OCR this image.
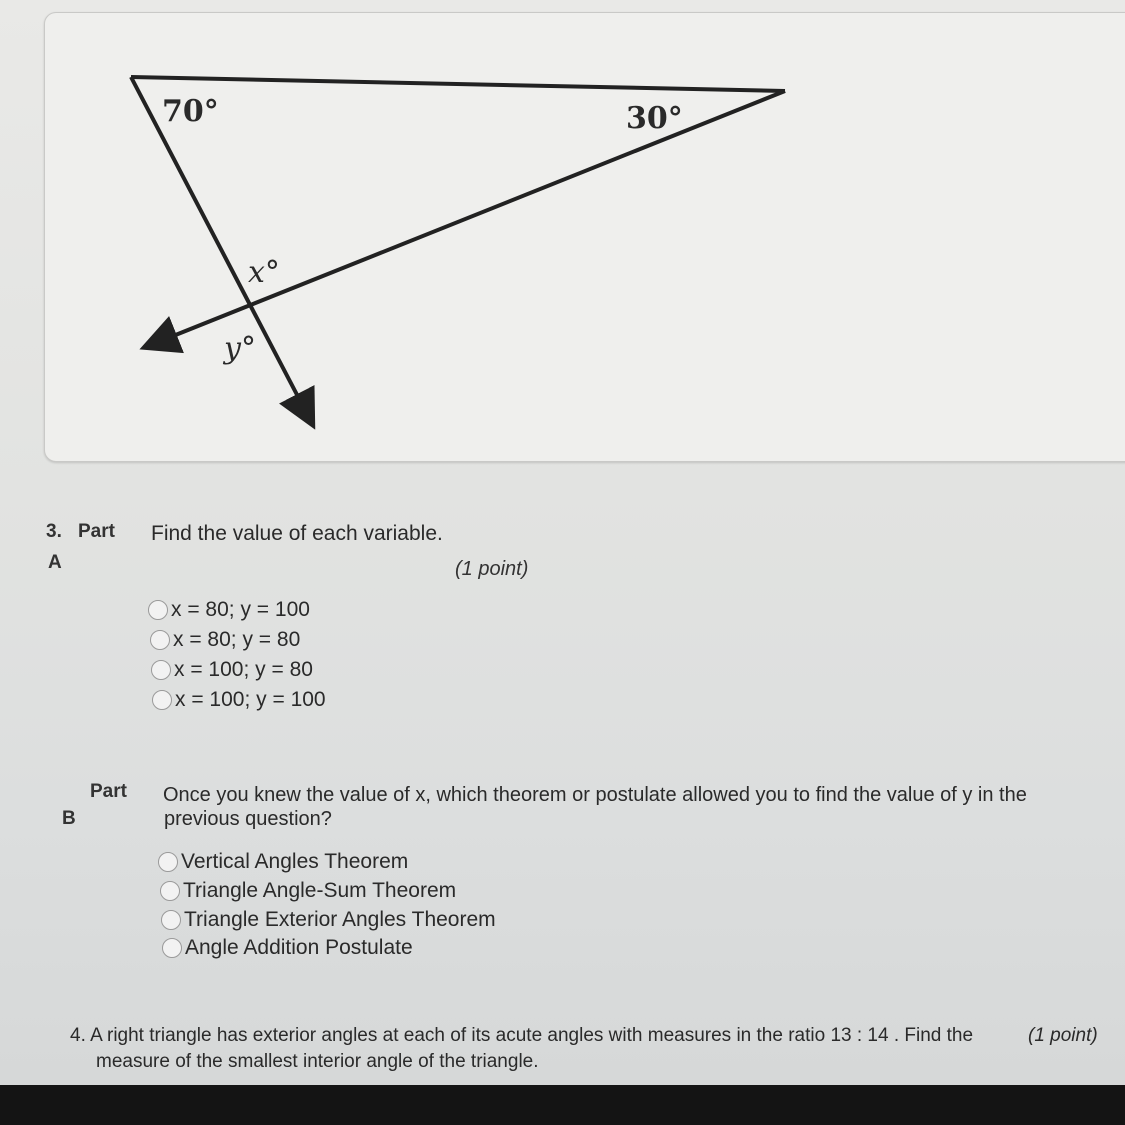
70°	30°
x°
y°
3. Part
A
Find the value of each variable.
(1 point)
x = 80; y = 100
x = 80; y = 80
x = 100; y = 80
x = 100; y = 100
Part
B
Once you knew the value of x, which theorem or postulate allowed you to find the value of y in the
previous question?
Vertical Angles Theorem
Triangle Angle-Sum Theorem
Triangle Exterior Angles Theorem
Angle Addition Postulate
4. A right triangle has exterior angles at each of its acute angles with measures in the ratio 13 : 14 . Find the
measure of the smallest interior angle of the triangle.
(1 point)
